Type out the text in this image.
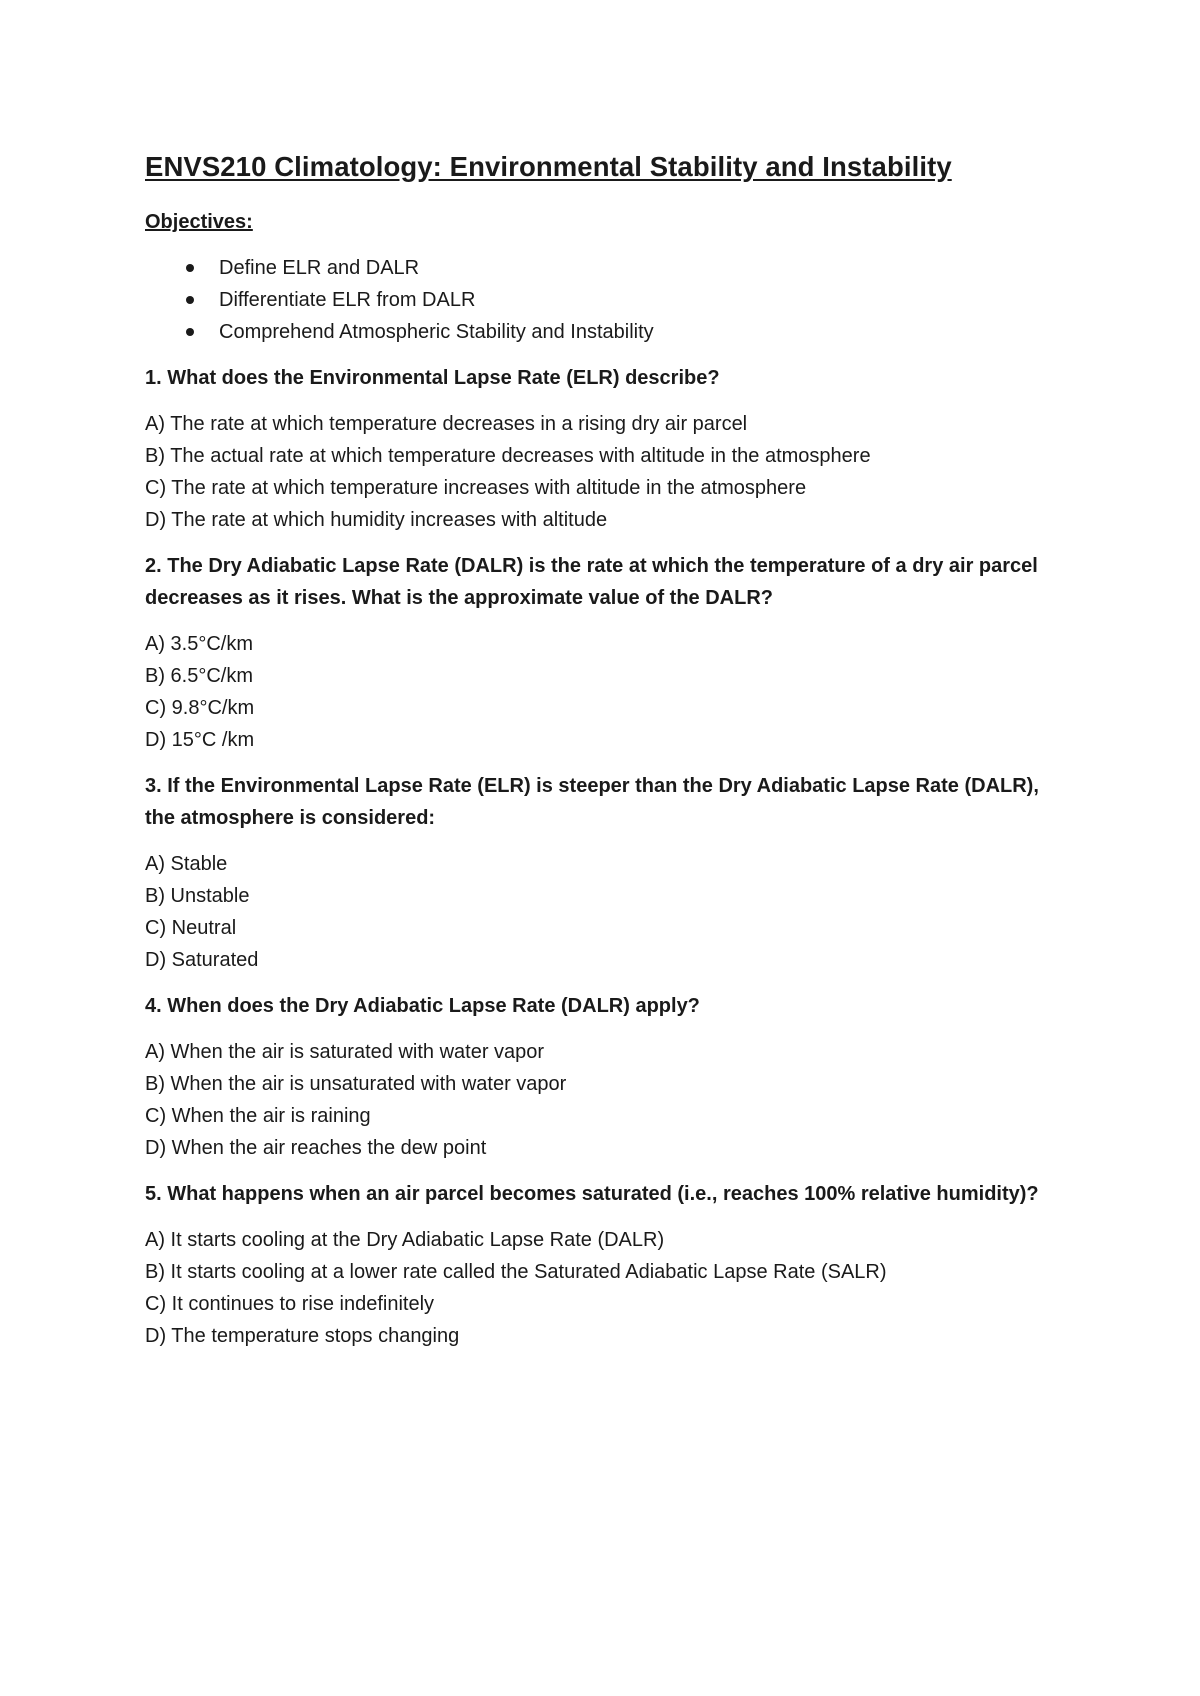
ENVS210 Climatology: Environmental Stability and Instability
Objectives:
Define ELR and DALR
Differentiate ELR from DALR
Comprehend Atmospheric Stability and Instability
1. What does the Environmental Lapse Rate (ELR) describe?
A) The rate at which temperature decreases in a rising dry air parcel
B) The actual rate at which temperature decreases with altitude in the atmosphere
C) The rate at which temperature increases with altitude in the atmosphere
D) The rate at which humidity increases with altitude
2. The Dry Adiabatic Lapse Rate (DALR) is the rate at which the temperature of a dry air parcel decreases as it rises. What is the approximate value of the DALR?
A) 3.5°C/km
B) 6.5°C/km
C) 9.8°C/km
D) 15°C /km
3. If the Environmental Lapse Rate (ELR) is steeper than the Dry Adiabatic Lapse Rate (DALR), the atmosphere is considered:
A) Stable
B) Unstable
C) Neutral
D) Saturated
4. When does the Dry Adiabatic Lapse Rate (DALR) apply?
A) When the air is saturated with water vapor
B) When the air is unsaturated with water vapor
C) When the air is raining
D) When the air reaches the dew point
5. What happens when an air parcel becomes saturated (i.e., reaches 100% relative humidity)?
A) It starts cooling at the Dry Adiabatic Lapse Rate (DALR)
B) It starts cooling at a lower rate called the Saturated Adiabatic Lapse Rate (SALR)
C) It continues to rise indefinitely
D) The temperature stops changing
